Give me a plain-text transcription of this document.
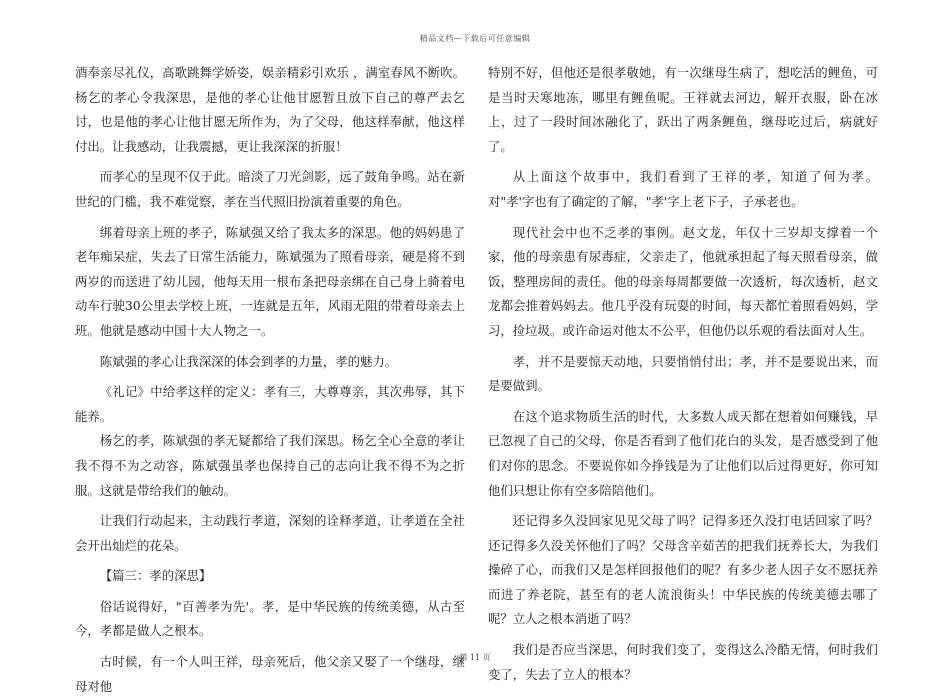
精品文档—下载后可任意编辑

酒奉亲尽礼仪，高歌跳舞学娇姿，娱亲精彩引欢乐 ，满室春风不断吹。杨乞的孝心令我深思，是他的孝心让他甘愿暂且放下自己的尊严去乞讨，也是他的孝心让他甘愿无所作为，为了父母，他这样奉献，他这样付出。让我感动，让我震撼，更让我深深的折服！

而孝心的呈现不仅于此。暗淡了刀光剑影，远了鼓角争鸣。站在新世纪的门槛，我不难觉察，孝在当代照旧扮演着重要的角色。

绑着母亲上班的孝子，陈斌强又给了我太多的深思。他的妈妈患了老年痴呆症，失去了日常生活能力，陈斌强为了照看母亲，硬是将不到两岁的而送进了幼儿园，他每天用一根布条把母亲绑在自己身上骑着电动车行驶30公里去学校上班，一连就是五年，风雨无阻的带着母亲去上班。他就是感动中国十大人物之一。

陈斌强的孝心让我深深的体会到孝的力量，孝的魅力。

《礼记》中给孝这样的定义：孝有三，大尊尊亲，其次弗辱，其下能养。

杨乞的孝，陈斌强的孝无疑都给了我们深思。杨乞全心全意的孝让我不得不为之动容，陈斌强虽孝也保持自己的志向让我不得不为之折服。这就是带给我们的触动。

让我们行动起来，主动践行孝道，深刻的诠释孝道，让孝道在全社会开出灿烂的花朵。

【篇三：孝的深思】

俗话说得好，"百善孝为先'。孝，是中华民族的传统美德，从古至今，孝都是做人之根本。

古时候，有一个人叫王祥，母亲死后，他父亲又娶了一个继母，继母对他

特别不好，但他还是很孝敬她，有一次继母生病了，想吃活的鲤鱼，可是当时天寒地冻，哪里有鲤鱼呢。王祥就去河边，解开衣服，卧在冰上，过了一段时间冰融化了，跃出了两条鲤鱼，继母吃过后，病就好了。

从上面这个故事中，我们看到了王祥的孝，知道了何为孝。对"孝'字也有了确定的了解，"孝'字上老下子，子承老也。

现代社会中也不乏孝的事例。赵文龙，年仅十三岁却支撑着一个家，他的母亲患有尿毒症，父亲走了，他就承担起了每天照看母亲，做饭，整理房间的责任。他的母亲每周都要做一次透析，每次透析，赵文龙都会推着妈妈去。他几乎没有玩耍的时间，每天都忙着照看妈妈，学习，捡垃圾。或许命运对他太不公平，但他仍以乐观的看法面对人生。

孝，并不是要惊天动地，只要悄悄付出；孝，并不是要说出来，而是要做到。

在这个追求物质生活的时代，大多数人成天都在想着如何赚钱，早已忽视了自己的父母，你是否看到了他们花白的头发，是否感受到了他们对你的思念。不要说你如今挣钱是为了让他们以后过得更好，你可知他们只想让你有空多陪陪他们。

还记得多久没回家见见父母了吗？记得多还久没打电话回家了吗？还记得多久没关怀他们了吗？父母含辛茹苦的把我们抚养长大，为我们操碎了心，而我们又是怎样回报他们的呢？有多少老人因子女不愿抚养而进了养老院，甚至有的老人流浪街头！中华民族的传统美德去哪了呢？立人之根本消逝了吗？

我们是否应当深思，何时我们变了，变得这么冷酷无情，何时我们变了，失去了立人的根本？

第 11 页
